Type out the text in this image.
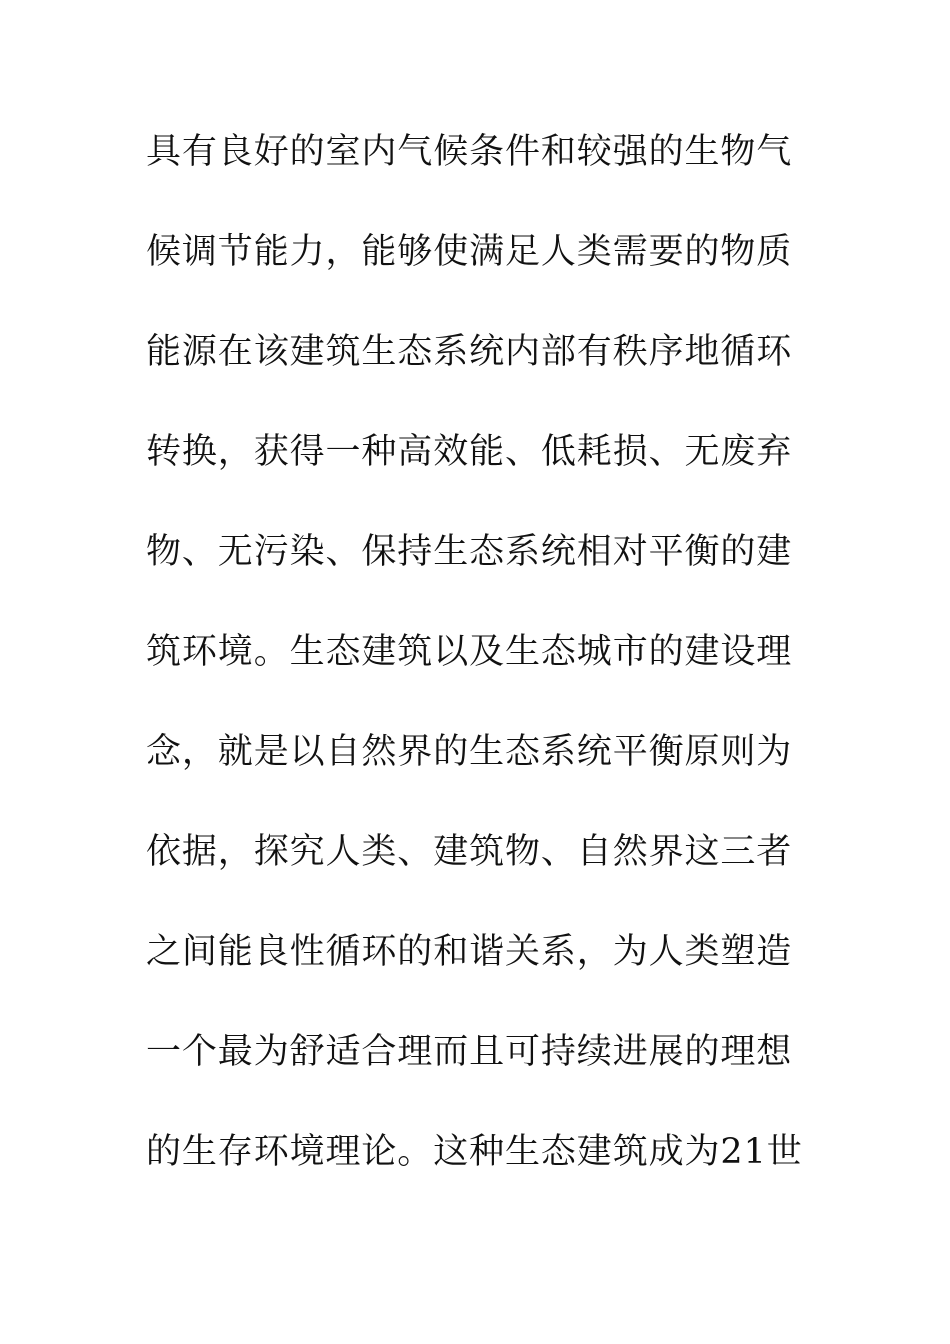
具有良好的室内气候条件和较强的生物气
候调节能力，能够使满足人类需要的物质
能源在该建筑生态系统内部有秩序地循环
转换，获得一种高效能、低耗损、无废弃
物、无污染、保持生态系统相对平衡的建
筑环境。生态建筑以及生态城市的建设理
念，就是以自然界的生态系统平衡原则为
依据，探究人类、建筑物、自然界这三者
之间能良性循环的和谐关系，为人类塑造
一个最为舒适合理而且可持续进展的理想
的生存环境理论。这种生态建筑成为21世
